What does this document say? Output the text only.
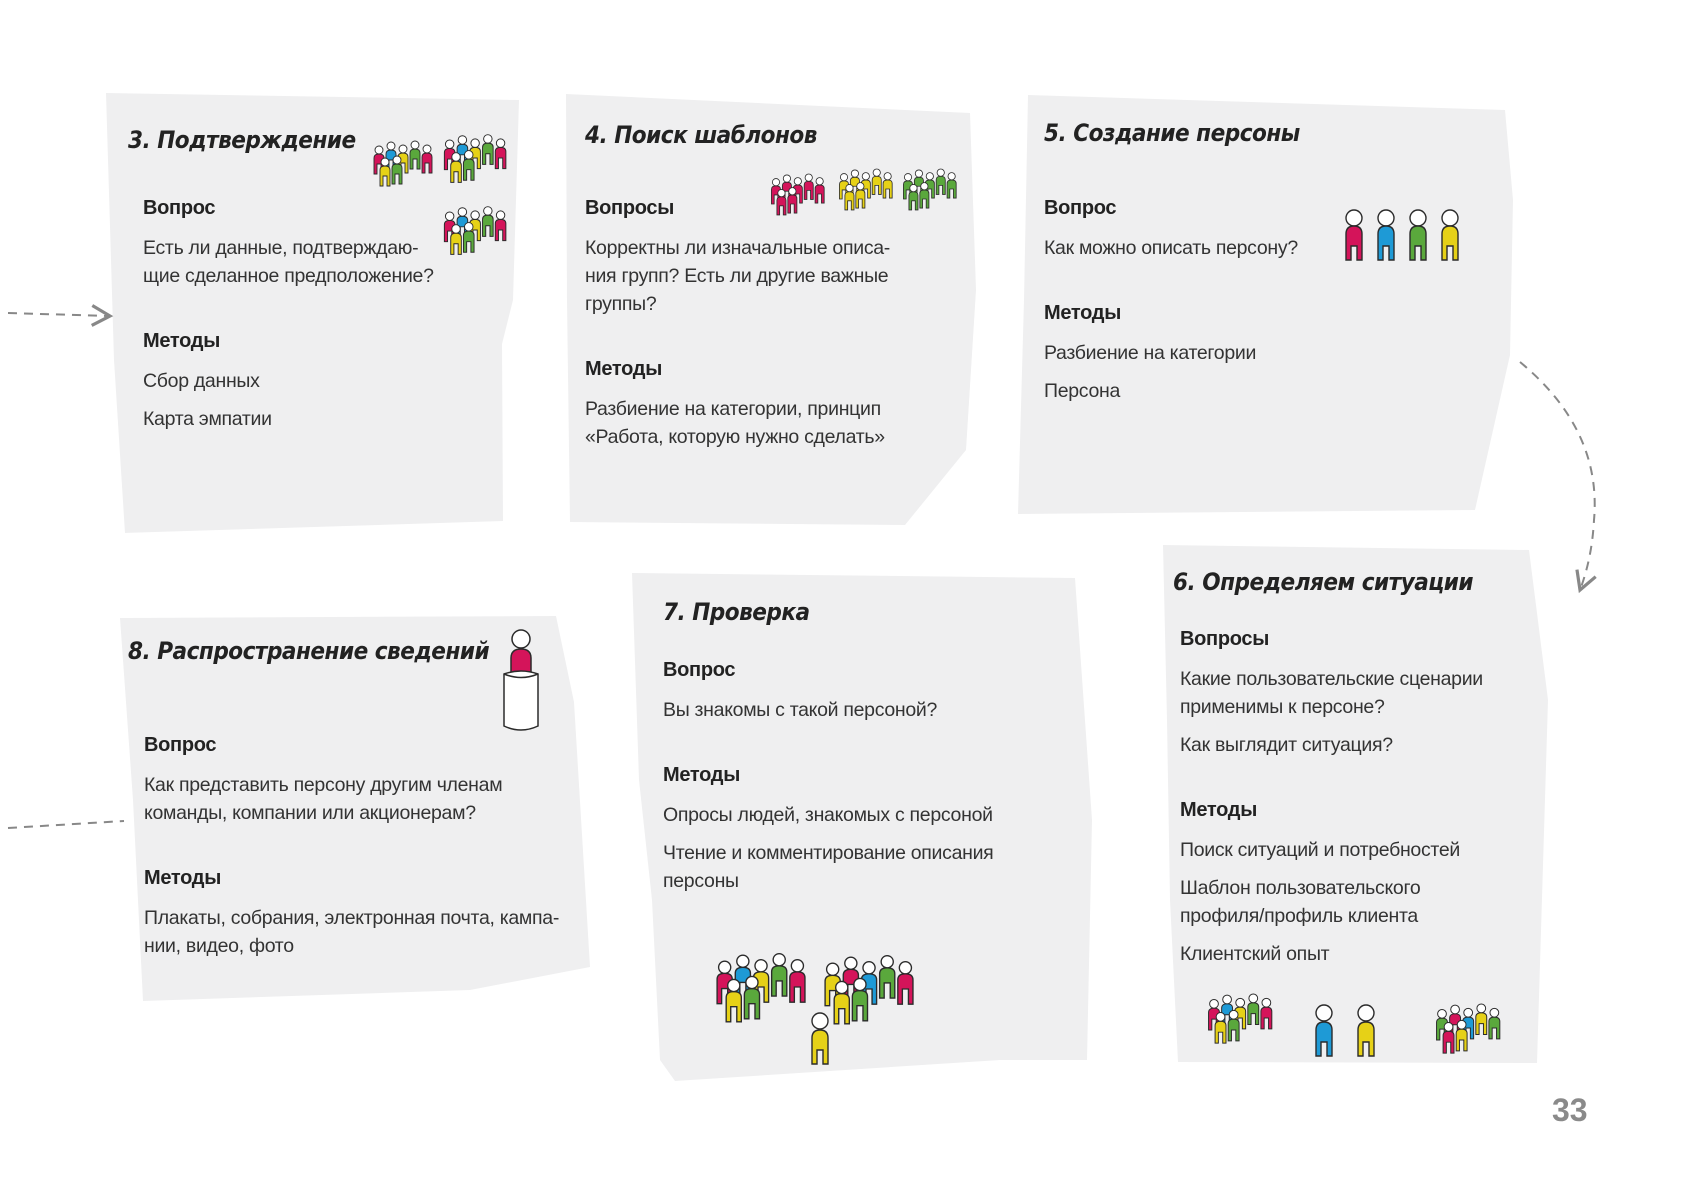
3. Подтверждение

Вопрос

Есть ли данные, подтверждаю-
щие сделанное предположение?

Методы

Сбор данных

Карта эмпатии

4. Поиск шаблонов

Вопросы

Корректны ли изначальные описа-
ния групп? Есть ли другие важные
группы?

Методы

Разбиение на категории, принцип
«Работа, которую нужно сделать»

5. Создание персоны

Вопрос

Как можно описать персону?

Методы

Разбиение на категории

Персона

6. Определяем ситуации

Вопросы

Какие пользовательские сценарии
применимы к персоне?

Как выглядит ситуация?

Методы

Поиск ситуаций и потребностей

Шаблон пользовательского
профиля/профиль клиента

Клиентский опыт

7. Проверка

Вопрос

Вы знакомы с такой персоной?

Методы

Опросы людей, знакомых с персоной

Чтение и комментирование описания
персоны

8. Распространение сведений

Вопрос

Как представить персону другим членам
команды, компании или акционерам?

Методы

Плакаты, собрания, электронная почта, кампа-
нии, видео, фото

33
